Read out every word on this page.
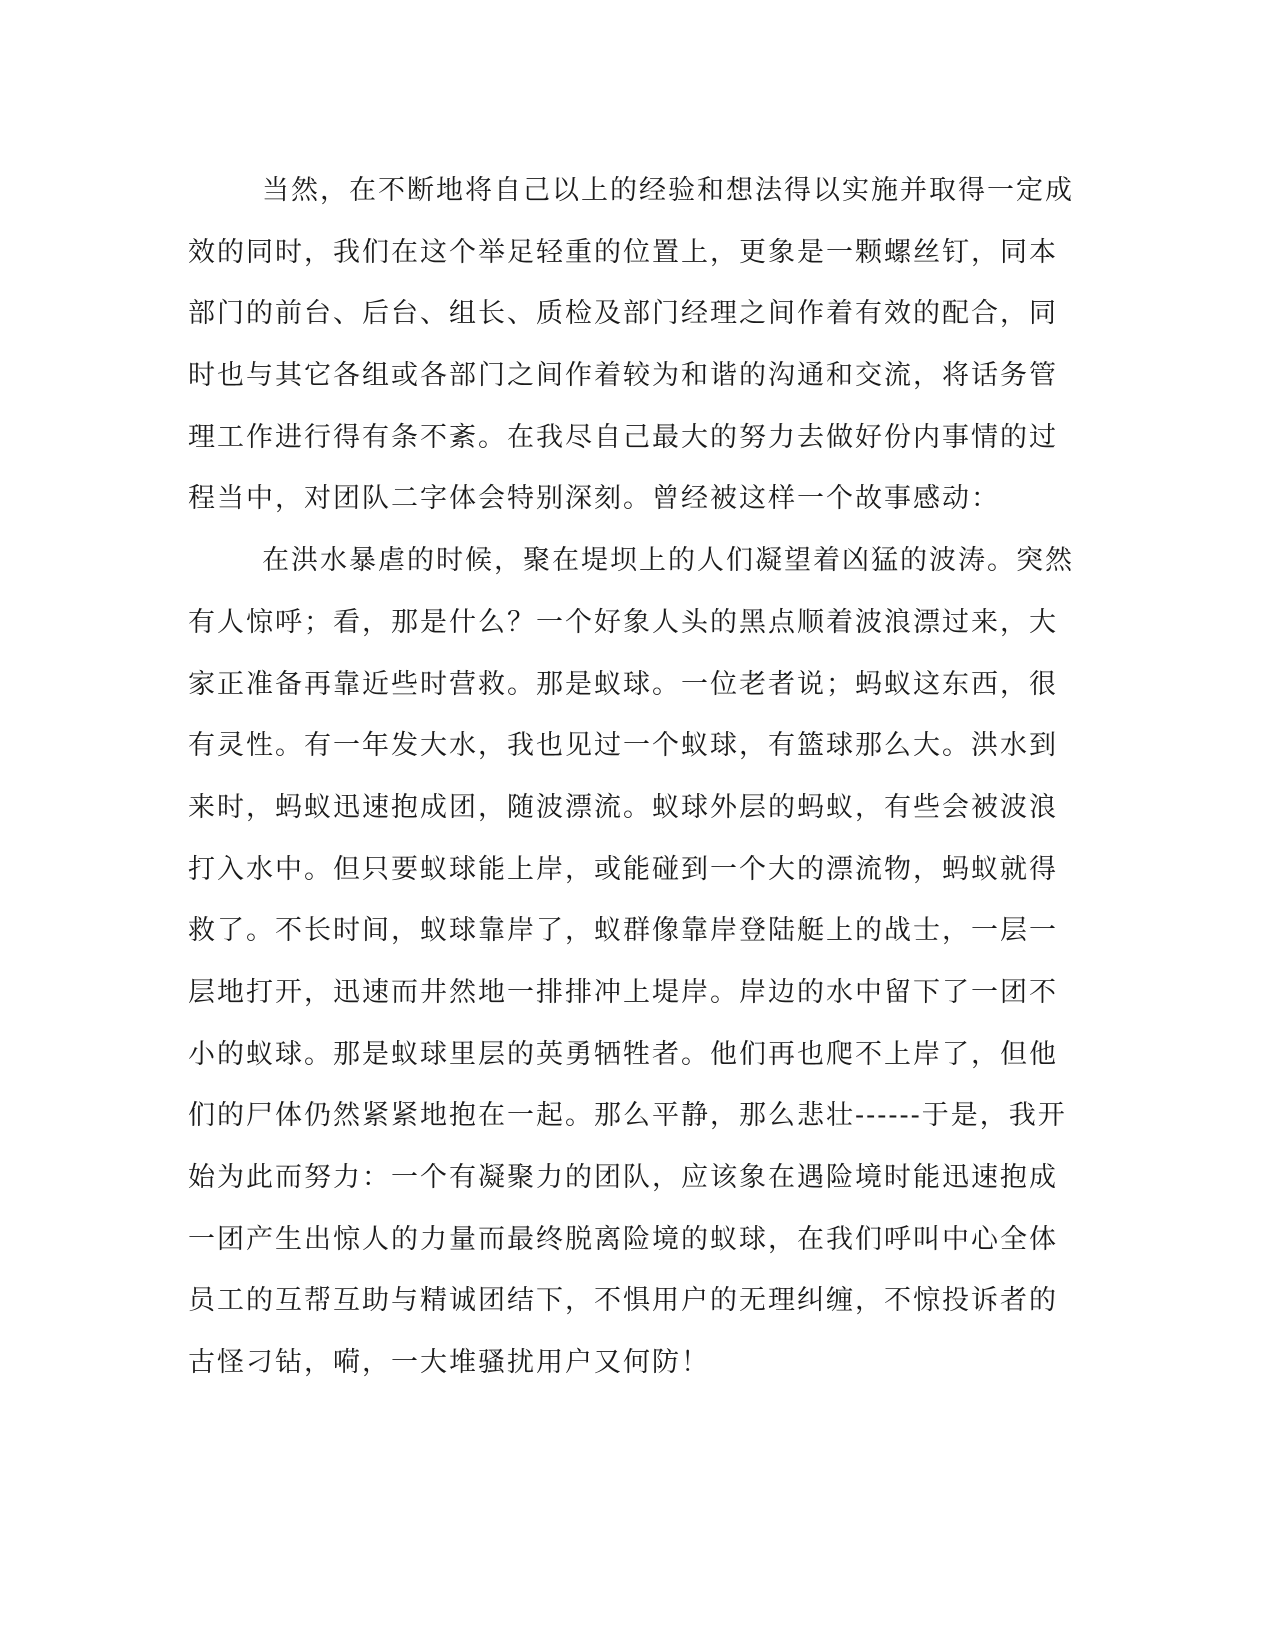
当然，在不断地将自己以上的经验和想法得以实施并取得一定成
效的同时，我们在这个举足轻重的位置上，更象是一颗螺丝钉，同本
部门的前台、后台、组长、质检及部门经理之间作着有效的配合，同
时也与其它各组或各部门之间作着较为和谐的沟通和交流，将话务管
理工作进行得有条不紊。在我尽自己最大的努力去做好份内事情的过
程当中，对团队二字体会特别深刻。曾经被这样一个故事感动：
在洪水暴虐的时候，聚在堤坝上的人们凝望着凶猛的波涛。突然
有人惊呼；看，那是什么？一个好象人头的黑点顺着波浪漂过来，大
家正准备再靠近些时营救。那是蚁球。一位老者说；蚂蚁这东西，很
有灵性。有一年发大水，我也见过一个蚁球，有篮球那么大。洪水到
来时，蚂蚁迅速抱成团，随波漂流。蚁球外层的蚂蚁，有些会被波浪
打入水中。但只要蚁球能上岸，或能碰到一个大的漂流物，蚂蚁就得
救了。不长时间，蚁球靠岸了，蚁群像靠岸登陆艇上的战士，一层一
层地打开，迅速而井然地一排排冲上堤岸。岸边的水中留下了一团不
小的蚁球。那是蚁球里层的英勇牺牲者。他们再也爬不上岸了，但他
们的尸体仍然紧紧地抱在一起。那么平静，那么悲壮------于是，我开
始为此而努力：一个有凝聚力的团队，应该象在遇险境时能迅速抱成
一团产生出惊人的力量而最终脱离险境的蚁球，在我们呼叫中心全体
员工的互帮互助与精诚团结下，不惧用户的无理纠缠，不惊投诉者的
古怪刁钻，嗬，一大堆骚扰用户又何防！
